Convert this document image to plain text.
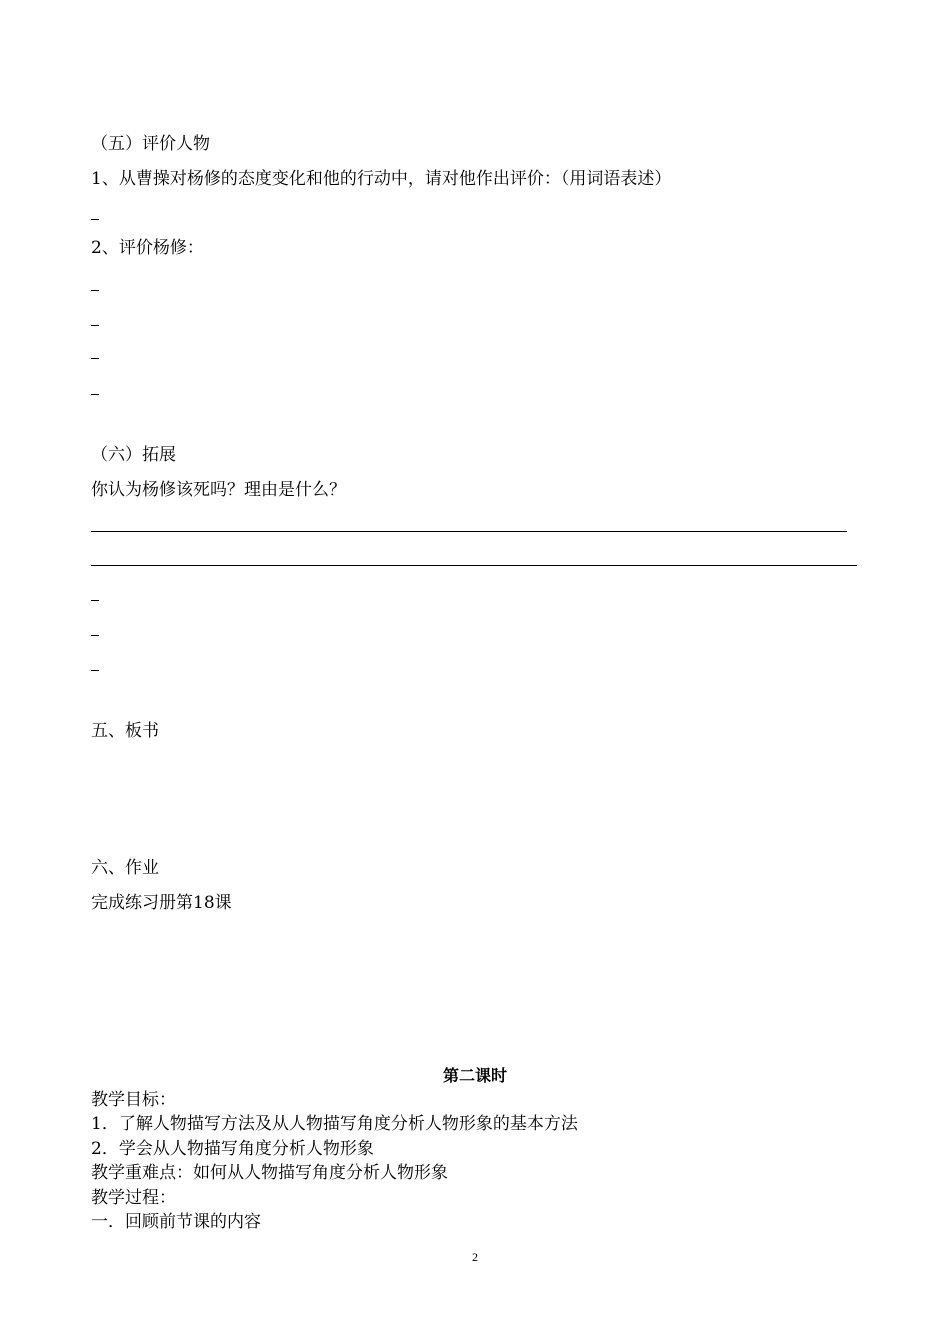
（五）评价人物
1、从曹操对杨修的态度变化和他的行动中，请对他作出评价：（用词语表述）
2、评价杨修：
（六）拓展
你认为杨修该死吗？理由是什么？
五、板书
六、作业
完成练习册第18课
第二课时
教学目标：
1．了解人物描写方法及从人物描写角度分析人物形象的基本方法
2．学会从人物描写角度分析人物形象
教学重难点：如何从人物描写角度分析人物形象
教学过程：
一．回顾前节课的内容
2
